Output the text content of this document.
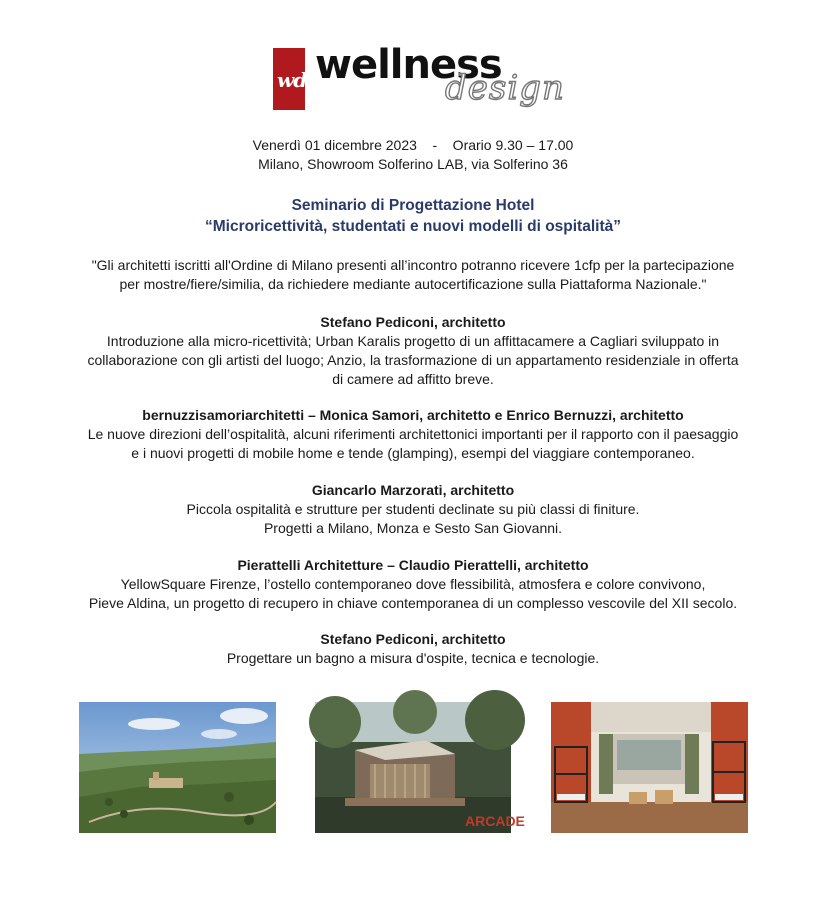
wd wellness
design
Venerdì 01 dicembre 2023    -    Orario 9.30 – 17.00
Milano, Showroom Solferino LAB, via Solferino 36
Seminario di Progettazione Hotel
“Microricettività, studentati e nuovi modelli di ospitalità”
"Gli architetti iscritti all'Ordine di Milano presenti all’incontro potranno ricevere 1cfp per la partecipazione
per mostre/fiere/similia, da richiedere mediante autocertificazione sulla Piattaforma Nazionale."
Stefano Pediconi, architetto
Introduzione alla micro-ricettività; Urban Karalis progetto di un affittacamere a Cagliari sviluppato in
collaborazione con gli artisti del luogo; Anzio, la trasformazione di un appartamento residenziale in offerta
di camere ad affitto breve.
bernuzzisamoriarchitetti – Monica Samori, architetto e Enrico Bernuzzi, architetto
Le nuove direzioni dell’ospitalità, alcuni riferimenti architettonici importanti per il rapporto con il paesaggio
e i nuovi progetti di mobile home e tende (glamping), esempi del viaggiare contemporaneo.
Giancarlo Marzorati, architetto
Piccola ospitalità e strutture per studenti declinate su più classi di finiture.
Progetti a Milano, Monza e Sesto San Giovanni.
Pierattelli Architetture – Claudio Pierattelli, architetto
YellowSquare Firenze, l’ostello contemporaneo dove flessibilità, atmosfera e colore convivono,
Pieve Aldina, un progetto di recupero in chiave contemporanea di un complesso vescovile del XII secolo.
Stefano Pediconi, architetto
Progettare un bagno a misura d'ospite, tecnica e tecnologie.
ARCADE
